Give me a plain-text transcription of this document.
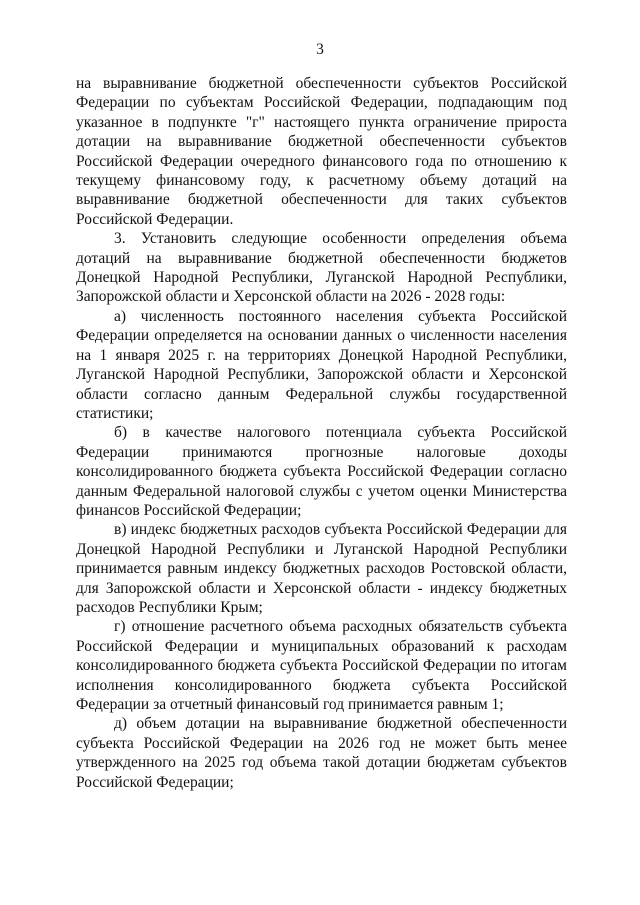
3

на выравнивание бюджетной обеспеченности субъектов Российской Федерации по субъектам Российской Федерации, подпадающим под указанное в подпункте "г" настоящего пункта ограничение прироста дотации на выравнивание бюджетной обеспеченности субъектов Российской Федерации очередного финансового года по отношению к текущему финансовому году, к расчетному объему дотаций на выравнивание бюджетной обеспеченности для таких субъектов Российской Федерации.

3. Установить следующие особенности определения объема дотаций на выравнивание бюджетной обеспеченности бюджетов Донецкой Народной Республики, Луганской Народной Республики, Запорожской области и Херсонской области на 2026 - 2028 годы:

а) численность постоянного населения субъекта Российской Федерации определяется на основании данных о численности населения на 1 января 2025 г. на территориях Донецкой Народной Республики, Луганской Народной Республики, Запорожской области и Херсонской области согласно данным Федеральной службы государственной статистики;

б) в качестве налогового потенциала субъекта Российской Федерации принимаются прогнозные налоговые доходы консолидированного бюджета субъекта Российской Федерации согласно данным Федеральной налоговой службы с учетом оценки Министерства финансов Российской Федерации;

в) индекс бюджетных расходов субъекта Российской Федерации для Донецкой Народной Республики и Луганской Народной Республики принимается равным индексу бюджетных расходов Ростовской области, для Запорожской области и Херсонской области - индексу бюджетных расходов Республики Крым;

г) отношение расчетного объема расходных обязательств субъекта Российской Федерации и муниципальных образований к расходам консолидированного бюджета субъекта Российской Федерации по итогам исполнения консолидированного бюджета субъекта Российской Федерации за отчетный финансовый год принимается равным 1;

д) объем дотации на выравнивание бюджетной обеспеченности субъекта Российской Федерации на 2026 год не может быть менее утвержденного на 2025 год объема такой дотации бюджетам субъектов Российской Федерации;
